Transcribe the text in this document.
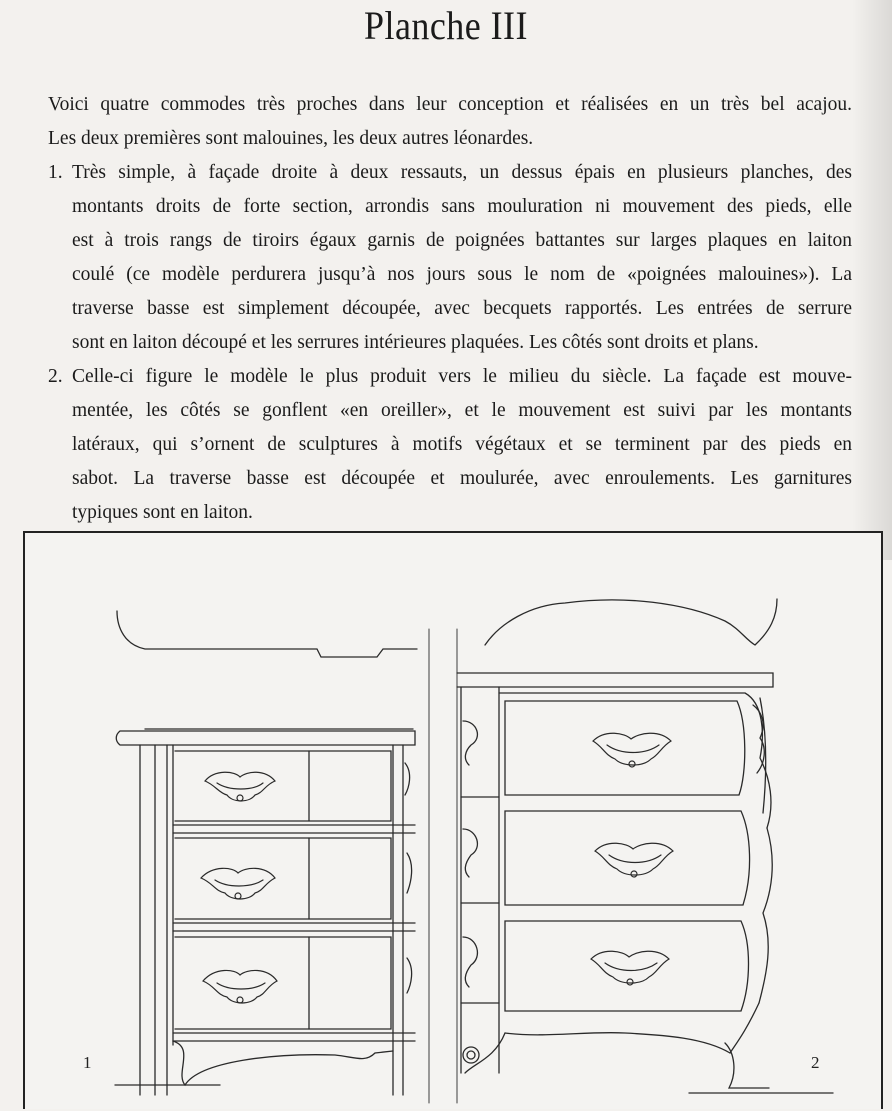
Planche III

Voici quatre commodes très proches dans leur conception et réalisées en un très bel acajou.

Les deux premières sont malouines, les deux autres léonardes.

1. Très simple, à façade droite à deux ressauts, un dessus épais en plusieurs planches, des
montants droits de forte section, arrondis sans mouluration ni mouvement des pieds, elle
est à trois rangs de tiroirs égaux garnis de poignées battantes sur larges plaques en laiton
coulé (ce modèle perdurera jusqu’à nos jours sous le nom de «poignées malouines»). La
traverse basse est simplement découpée, avec becquets rapportés. Les entrées de serrure
sont en laiton découpé et les serrures intérieures plaquées. Les côtés sont droits et plans.
2. Celle-ci figure le modèle le plus produit vers le milieu du siècle. La façade est mouve-
mentée, les côtés se gonflent «en oreiller», et le mouvement est suivi par les montants
latéraux, qui s’ornent de sculptures à motifs végétaux et se terminent par des pieds en
sabot. La traverse basse est découpée et moulurée, avec enroulements. Les garnitures
typiques sont en laiton.
1	2
